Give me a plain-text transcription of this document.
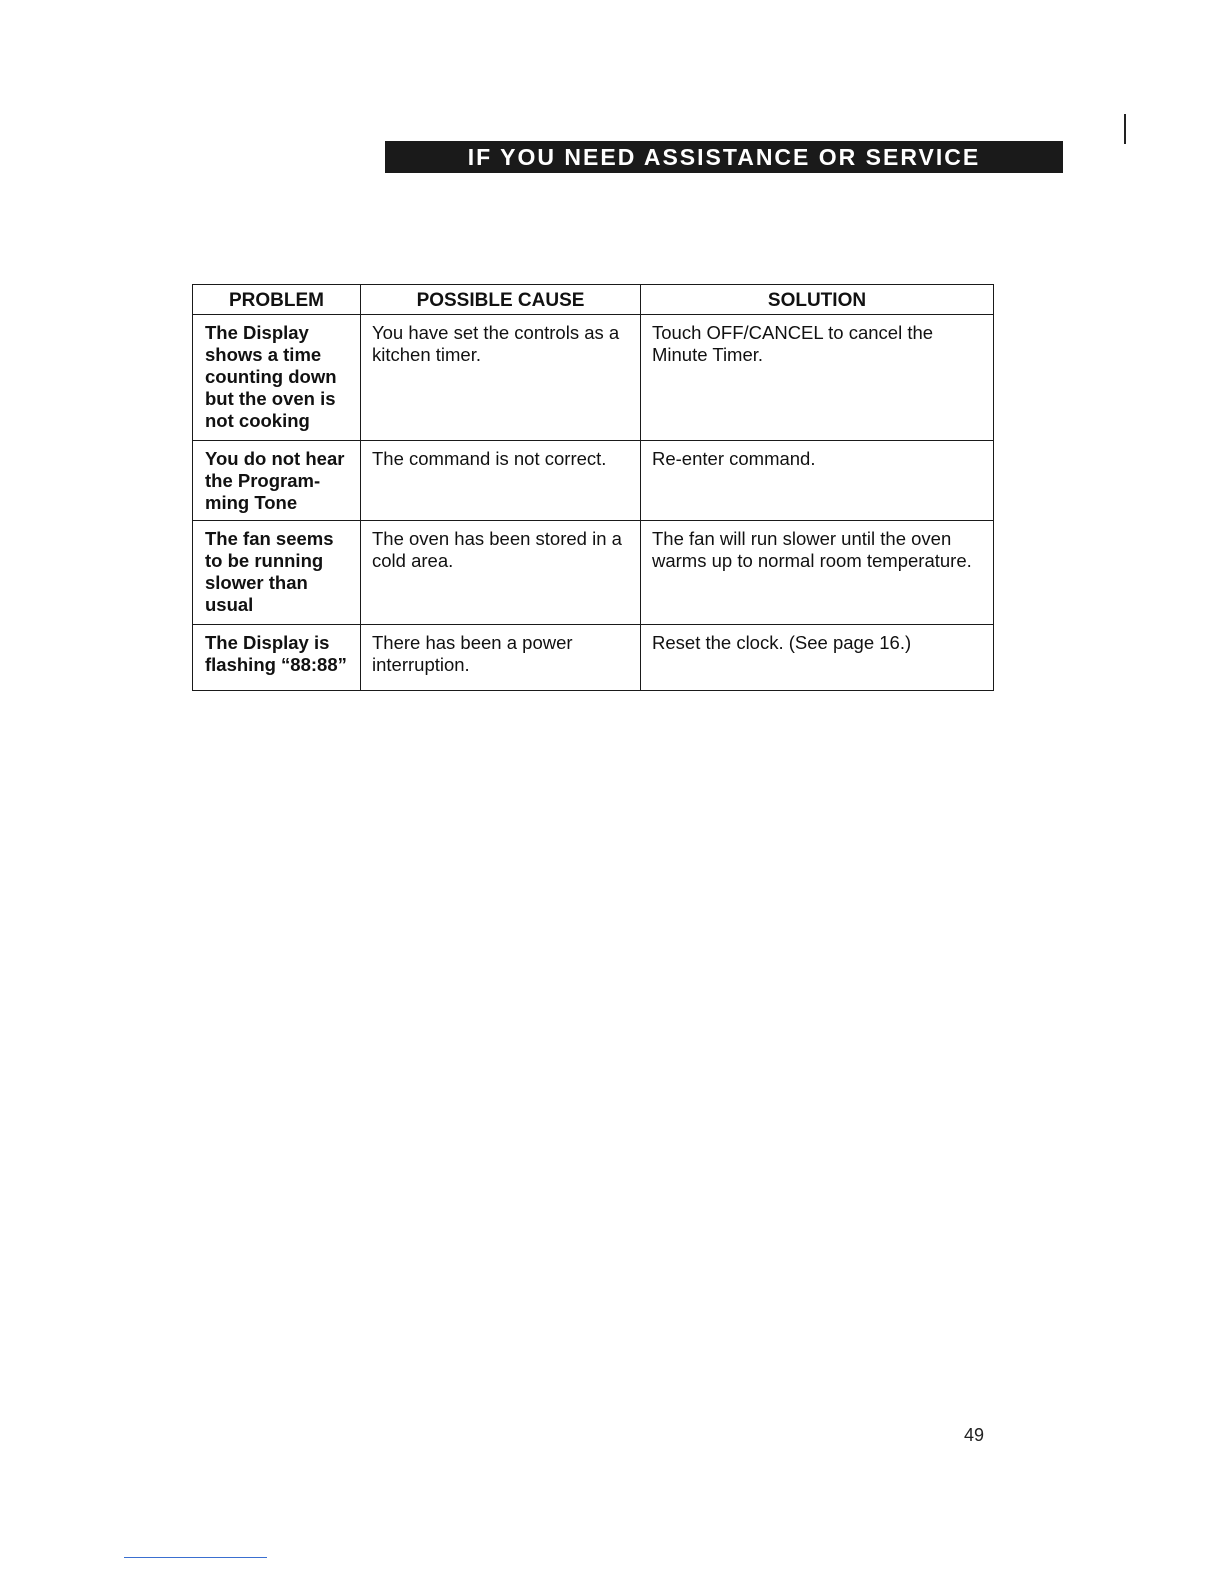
IF YOU NEED ASSISTANCE OR SERVICE
PROBLEM	POSSIBLE CAUSE	SOLUTION
The Display shows a time counting down but the oven is not cooking	You have set the controls as a kitchen timer.	Touch OFF/CANCEL to cancel the Minute Timer.
You do not hear the Program-ming Tone	The command is not correct.	Re-enter command.
The fan seems to be running slower than usual	The oven has been stored in a cold area.	The fan will run slower until the oven warms up to normal room temperature.
The Display is flashing “88:88”	There has been a power interruption.	Reset the clock. (See page 16.)
49
